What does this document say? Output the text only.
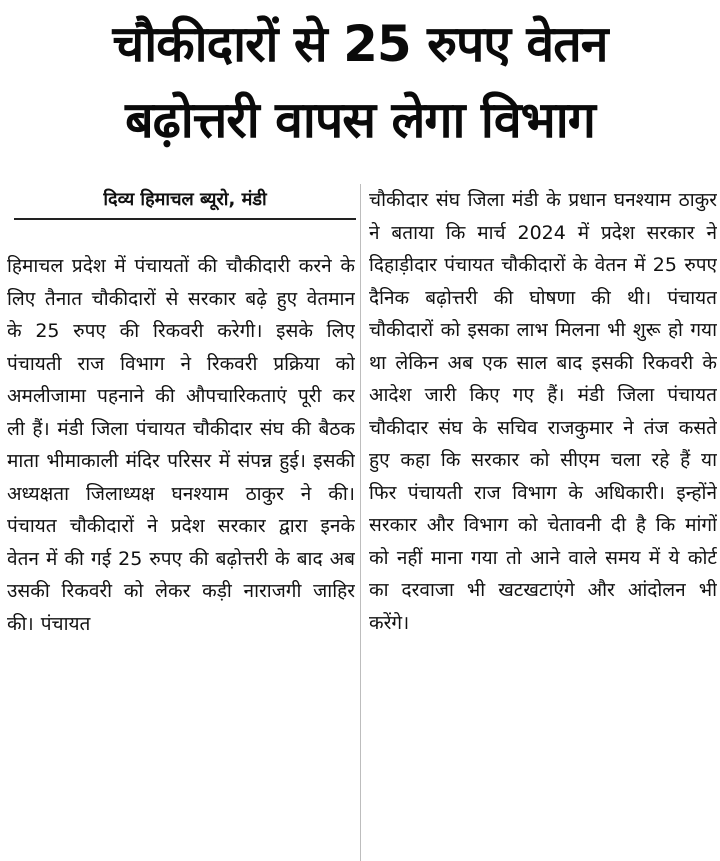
चौकीदारों से 25 रुपए वेतन
बढ़ोत्तरी वापस लेगा विभाग
दिव्य हिमाचल ब्यूरो, मंडी
हिमाचल प्रदेश में पंचायतों की चौकीदारी करने के लिए तैनात चौकीदारों से सरकार बढ़े हुए वेतमान के 25 रुपए की रिकवरी करेगी। इसके लिए पंचायती राज विभाग ने रिकवरी प्रक्रिया को अमलीजामा पहनाने की औपचारिकताएं पूरी कर ली हैं। मंडी जिला पंचायत चौकीदार संघ की बैठक माता भीमाकाली मंदिर परिसर में संपन्न हुई। इसकी अध्यक्षता जिलाध्यक्ष घनश्याम ठाकुर ने की। पंचायत चौकीदारों ने प्रदेश सरकार द्वारा इनके वेतन में की गई 25 रुपए की बढ़ोत्तरी के बाद अब उसकी रिकवरी को लेकर कड़ी नाराजगी जाहिर की। पंचायत
चौकीदार संघ जिला मंडी के प्रधान घनश्याम ठाकुर ने बताया कि मार्च 2024 में प्रदेश सरकार ने दिहाड़ीदार पंचायत चौकीदारों के वेतन में 25 रुपए दैनिक बढ़ोत्तरी की घोषणा की थी। पंचायत चौकीदारों को इसका लाभ मिलना भी शुरू हो गया था लेकिन अब एक साल बाद इसकी रिकवरी के आदेश जारी किए गए हैं। मंडी जिला पंचायत चौकीदार संघ के सचिव राजकुमार ने तंज कसते हुए कहा कि सरकार को सीएम चला रहे हैं या फिर पंचायती राज विभाग के अधिकारी। इन्होंने सरकार और विभाग को चेतावनी दी है कि मांगों को नहीं माना गया तो आने वाले समय में ये कोर्ट का दरवाजा भी खटखटाएंगे और आंदोलन भी करेंगे।
